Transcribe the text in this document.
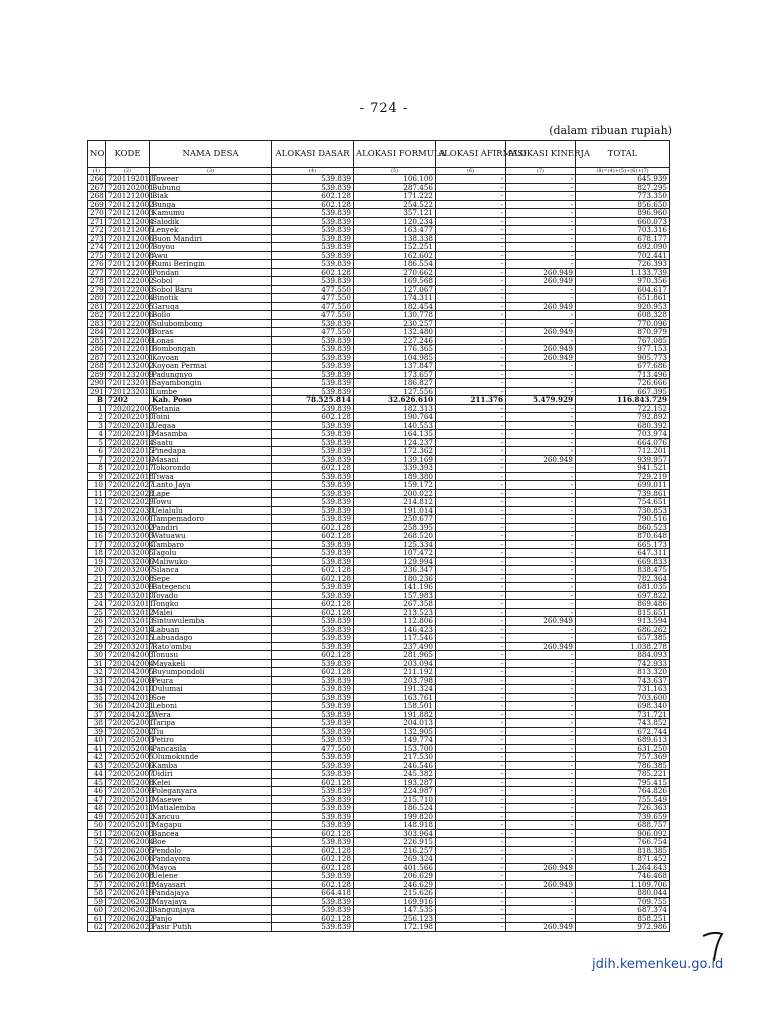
- 724 -
(dalam ribuan rupiah)
NO	KODE	NAMA DESA	ALOKASI DASAR	ALOKASI FORMULA	ALOKASI AFIRMASI	ALOKASI KINERJA	TOTAL
(1)	(2)	(3)	(4)	(5)	(6)	(7)	(8)=(4)+(5)+(6)+(7)
266	7201192010	Toweer	539.839	106.100	-	-	645.939
267	7201202001	Bubung	539.839	287.456	-	-	827.295
268	7201212001	Biak	602.128	171.222	-	-	773.350
269	7201212002	Bunga	602.128	254.522	-	-	856.650
270	7201212003	Kamumu	539.839	357.121	-	-	896.960
271	7201212004	Salodik	539.839	120.234	-	-	660.073
272	7201212005	Lenyek	539.839	163.477	-	-	703.316
273	7201212006	Buon Mandiri	539.839	138.338	-	-	678.177
274	7201212007	Boyou	539.839	152.251	-	-	692.090
275	7201212008	Awu	539.839	162.602	-	-	702.441
276	7201212009	Rumi Beringin	539.839	186.554	-	-	726.393
277	7201222001	Pondan	602.128	270.662	-	260.949	1.133.739
278	7201222002	Sobol	539.839	169.568	-	260.949	970.356
279	7201222003	Sobol Baru	477.550	127.067	-	-	604.617
280	7201222004	Binotik	477.550	174.311	-	-	651.861
281	7201222005	Garuga	477.550	182.454	-	260.949	920.953
282	7201222006	Bollo	477.550	130.778	-	-	608.328
283	7201222007	Sulubombong	539.839	230.257	-	-	770.096
284	7201222008	Boras	477.550	132.480	-	260.949	870.979
285	7201222009	Lonas	539.839	227.246	-	-	767.085
286	7201222010	Bombongan	539.839	176.365	-	260.949	977.153
287	7201232001	Koyoan	539.839	104.985	-	260.949	905.773
288	7201232002	Koyoan Permai	539.839	137.847	-	-	677.686
289	7201232009	Padungnyo	539.839	173.657	-	-	713.496
290	7201232010	Sayambongin	539.839	186.827	-	-	726.666
291	7201232011	Lumbe	539.839	127.556	-	-	667.395
B	7202	Kab. Poso	78.525.814	32.626.610	211.376	5.479.929	116.843.729
1	7202022007	Betania	539.839	182.313	-	-	722.152
2	7202022010	Toini	602.128	190.764	-	-	792.892
3	7202022012	Uegaa	539.839	140.553	-	-	680.392
4	7202022013	Masamba	539.839	164.135	-	-	703.974
5	7202022014	Saatu	539.839	124.237	-	-	664.076
6	7202022015	Pinedapa	539.839	172.362	-	-	712.201
7	7202022016	Masani	539.839	139.169	-	260.949	939.957
8	7202022017	Tokorondo	602.128	339.393	-	-	941.521
9	7202022018	Tiwaa	539.839	189.380	-	-	729.219
10	7202022027	Lanto Jaya	539.839	159.172	-	-	699.011
11	7202022028	Lape	539.839	200.022	-	-	739.861
12	7202022029	Towu	539.839	214.812	-	-	754.651
13	7202022030	Uelalulu	539.839	191.014	-	-	730.853
14	7202032001	Tampemadoro	539.839	250.677	-	-	790.516
15	7202032002	Pandiri	602.128	258.395	-	-	860.523
16	7202032003	Watuawu	602.128	268.520	-	-	870.648
17	7202032004	Tambaro	539.839	125.334	-	-	665.173
18	7202032005	Tagolu	539.839	107.472	-	-	647.311
19	7202032006	Maliwuko	539.839	129.994	-	-	669.833
20	7202032007	Silanca	602.128	236.347	-	-	838.475
21	7202032008	Sepe	602.128	180.236	-	-	782.364
22	7202032009	Bategencu	539.839	141.196	-	-	681.035
23	7202032010	Toyado	539.839	157.983	-	-	697.822
24	7202032011	Tongko	602.128	267.358	-	-	869.486
25	7202032012	Malei	602.128	213.523	-	-	815.651
26	7202032013	Sintuwulemba	539.839	112.806	-	260.949	913.594
27	7202032014	Labuan	539.839	146.423	-	-	686.262
28	7202032015	Labuadago	539.839	117.546	-	-	657.385
29	7202032017	Rato'ombu	539.839	237.490	-	260.949	1.038.278
30	7202042003	Tonusu	602.128	281.965	-	-	884.093
31	7202042004	Mayakeli	539.839	203.094	-	-	742.933
32	7202042005	Buyumpondoli	602.128	211.192	-	-	813.320
33	7202042009	Peura	539.839	203.798	-	-	743.637
34	7202042010	Dulumai	539.839	191.324	-	-	731.163
35	7202042019	Soe	539.839	163.761	-	-	703.600
36	7202042021	Leboni	539.839	158.501	-	-	698.340
37	7202042022	Wera	539.839	191.882	-	-	731.721
38	7202052001	Taripa	539.839	204.013	-	-	743.852
39	7202052002	Tiu	539.839	132.905	-	-	672.744
40	7202052003	Petiro	539.839	149.774	-	-	689.613
41	7202052004	Pancasila	477.550	153.700	-	-	631.250
42	7202052005	Olumokunde	539.839	217.530	-	-	757.369
43	7202052006	Kamba	539.839	246.546	-	-	786.385
44	7202052007	Didiri	539.839	245.382	-	-	785.221
45	7202052008	Kelei	602.128	193.287	-	-	795.415
46	7202052009	Poleganyara	539.839	224.987	-	-	764.826
47	7202052010	Masewe	539.839	215.710	-	-	755.549
48	7202052011	Matialemba	539.839	186.524	-	-	726.363
49	7202052012	Kancuu	539.839	199.820	-	-	739.659
50	7202052013	Magapu	539.839	148.918	-	-	688.757
51	7202062003	Bancea	602.128	303.964	-	-	906.092
52	7202062004	Boe	539.839	226.915	-	-	766.754
53	7202062005	Pendolo	602.128	216.257	-	-	818.385
54	7202062006	Pandayora	602.128	269.324	-	-	871.452
55	7202062007	Mayoa	602.128	401.566	-	260.949	1.264.643
56	7202062008	Uelene	539.839	206.629	-	-	746.468
57	7202062018	Mayasari	602.128	246.629	-	260.949	1.109.706
58	7202062019	Pandajaya	664.418	215.626	-	-	880.044
59	7202062020	Mayajaya	539.839	169.916	-	-	709.755
60	7202062021	Bangunjaya	539.839	147.535	-	-	687.374
61	7202062022	Panjo	602.128	256.123	-	-	858.251
62	7202062023	Pasir Putih	539.839	172.198	-	260.949	972.986
jdih.kemenkeu.go.id
